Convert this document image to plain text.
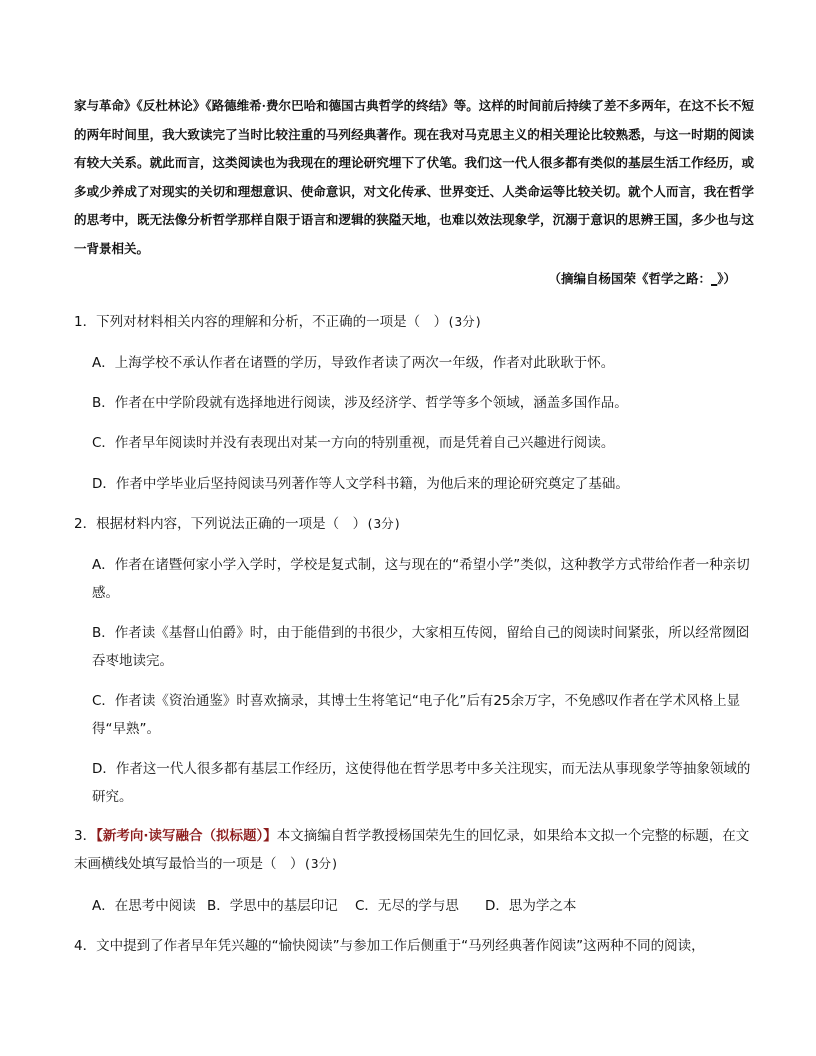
家与革命》《反杜林论》《路德维希·费尔巴哈和德国古典哲学的终结》等。这样的时间前后持续了差不多两年，在这不长不短的两年时间里，我大致读完了当时比较注重的马列经典著作。现在我对马克思主义的相关理论比较熟悉，与这一时期的阅读有较大关系。就此而言，这类阅读也为我现在的理论研究埋下了伏笔。我们这一代人很多都有类似的基层生活工作经历，或多或少养成了对现实的关切和理想意识、使命意识，对文化传承、世界变迁、人类命运等比较关切。就个人而言，我在哲学的思考中，既无法像分析哲学那样自限于语言和逻辑的狭隘天地，也难以效法现象学，沉溺于意识的思辨王国，多少也与这一背景相关。

（摘编自杨国荣《哲学之路：_》）
1．下列对材料相关内容的理解和分析，不正确的一项是（　）(3分)
A．上海学校不承认作者在诸暨的学历，导致作者读了两次一年级，作者对此耿耿于怀。
B．作者在中学阶段就有选择地进行阅读，涉及经济学、哲学等多个领域，涵盖多国作品。
C．作者早年阅读时并没有表现出对某一方向的特别重视，而是凭着自己兴趣进行阅读。
D．作者中学毕业后坚持阅读马列著作等人文学科书籍，为他后来的理论研究奠定了基础。
2．根据材料内容，下列说法正确的一项是（　）(3分)
A．作者在诸暨何家小学入学时，学校是复式制，这与现在的“希望小学”类似，这种教学方式带给作者一种亲切感。
B．作者读《基督山伯爵》时，由于能借到的书很少，大家相互传阅，留给自己的阅读时间紧张，所以经常囫囵吞枣地读完。
C．作者读《资治通鉴》时喜欢摘录，其博士生将笔记“电子化”后有25余万字，不免感叹作者在学术风格上显得“早熟”。
D．作者这一代人很多都有基层工作经历，这使得他在哲学思考中多关注现实，而无法从事现象学等抽象领域的研究。
3．【新考向·读写融合（拟标题）】本文摘编自哲学教授杨国荣先生的回忆录，如果给本文拟一个完整的标题，在文末画横线处填写最恰当的一项是（　）(3分)
A．在思考中阅读 B．学思中的基层印记 C．无尽的学与思 D．思为学之本
4．文中提到了作者早年凭兴趣的“愉快阅读”与参加工作后侧重于“马列经典著作阅读”这两种不同的阅读，
